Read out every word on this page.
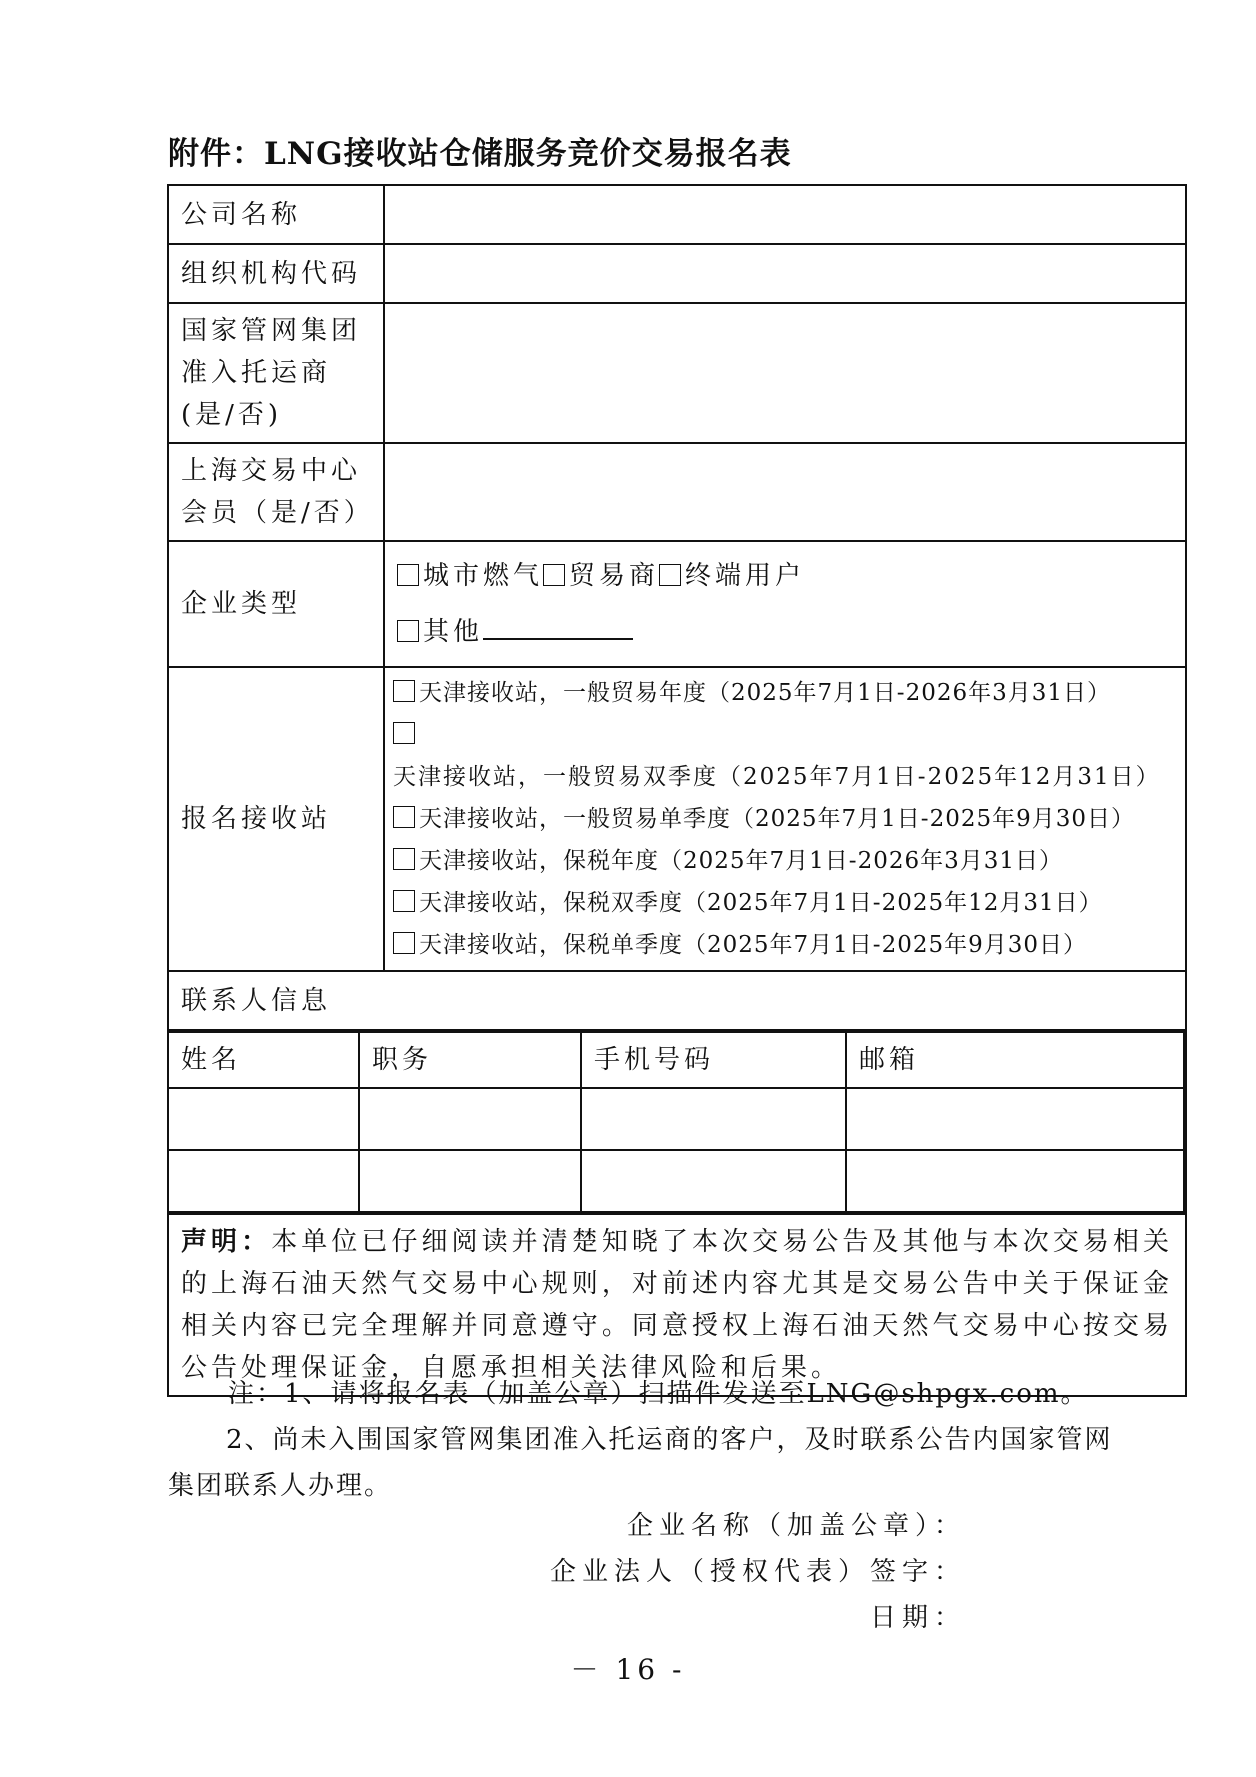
附件：LNG接收站仓储服务竞价交易报名表
公司名称	
组织机构代码	
国家管网集团准入托运商(是/否)	
上海交易中心会员（是/否）	
企业类型	城市燃气 贸易商 终端用户
其他
报名接收站	
天津接收站，一般贸易年度（2025年7月1日-2026年3月31日）
天津接收站，一般贸易双季度（2025年7月1日-2025年12月31日）
天津接收站，一般贸易单季度（2025年7月1日-2025年9月30日）
天津接收站，保税年度（2025年7月1日-2026年3月31日）
天津接收站，保税双季度（2025年7月1日-2025年12月31日）
天津接收站，保税单季度（2025年7月1日-2025年9月30日）

联系人信息

姓名	职务	手机号码	邮箱

声明：本单位已仔细阅读并清楚知晓了本次交易公告及其他与本次交易相关的上海石油天然气交易中心规则，对前述内容尤其是交易公告中关于保证金相关内容已完全理解并同意遵守。同意授权上海石油天然气交易中心按交易公告处理保证金，自愿承担相关法律风险和后果。

注：1、请将报名表（加盖公章）扫描件发送至LNG@shpgx.com。

2、尚未入围国家管网集团准入托运商的客户，及时联系公告内国家管网集团联系人办理。

企业名称（加盖公章）：

企业法人（授权代表）签字：

日期：

－ 16 -
